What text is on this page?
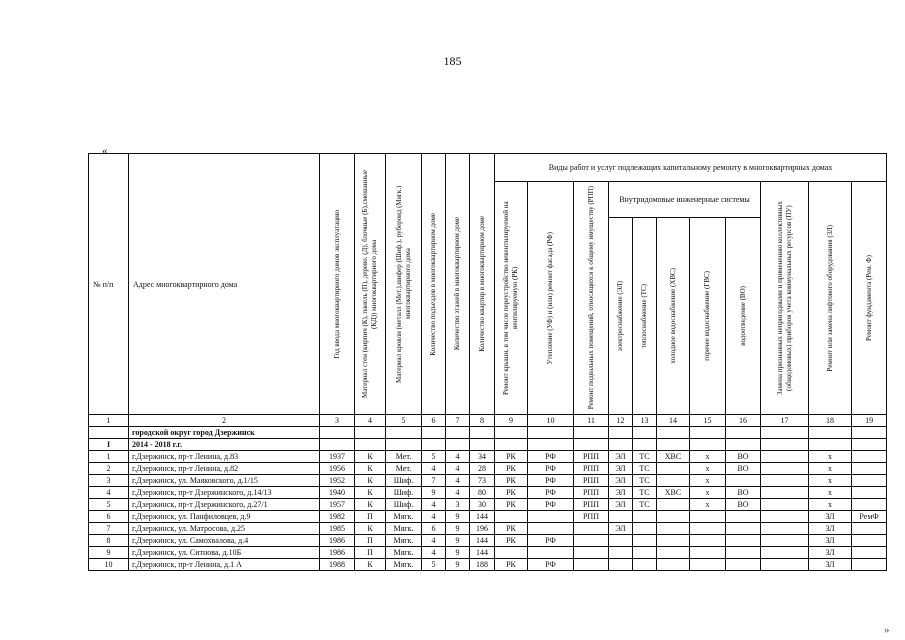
185
«
№ п/п	Адрес многоквартирного дома	Год ввода многоквартирного домов эксплуатацию	Материал стен (кирпич (К), панель (П), дерево. (Д), блочные (Б),смешанные (КД)) многоквартирного дома	Материал кровли (металл (Мет.),шифер (Шиф.), рубероид (Мягк.) многоквартирного дома	Количество подъездов в многоквартирном доме	Количество этажей в многоквартирном доме	Количество квартир в многоквартирном доме	Виды работ и услуг подлежащих капитальному ремонту в многоквартирных домах										

								Ремонт крыши, в том числе переустройство невентилируемой на вентилируемую (РК)	Утепление (УФ) и (или) ремонт фасада (РФ)	Ремонт подвальных помещений, относящихся к общему имуществу (РПП)	Внутридомовые инженерные системы					Замена признанных непригодными и применению коллективных (общедомовых) приборов учета коммунальных ресурсов (ПУ)	Ремонт или замена лифтового оборудования (ЗЛ)	Ремонт фундамента (Рем. Ф)

											электроснабжение (ЭЛ)	теплоснабжение (ТС)	холодное водоснабжение (ХВС)	горячее водоснабжение (ГВС)	водоотведение (ВО)			

1	2	3	4	5	6	7	8	9	10	11	12	13	14	15	16	17	18	19
	городской округ город Дзержинск																	
I	2014 - 2018 г.г.																	
1	г.Дзержинск, пр-т Ленина, д.83	1937	К	Мет.	5	4	34	РК	РФ	РПП	ЭЛ	ТС	ХВС	х	ВО		х	
2	г.Дзержинск, пр-т Ленина, д.82	1956	К	Мет.	4	4	28	РК	РФ	РПП	ЭЛ	ТС		х	ВО		х	
3	г.Дзержинск, ул. Маяковского, д.1/15	1952	К	Шиф.	7	4	73	РК	РФ	РПП	ЭЛ	ТС		х			х	
4	г.Дзержинск, пр-т Дзержинского, д.14/13	1940	К	Шиф.	9	4	80	РК	РФ	РПП	ЭЛ	ТС	ХВС	х	ВО		х	
5	г.Дзержинск, пр-т Дзержинского, д.27/1	1957	К	Шиф.	4	3	30	РК	РФ	РПП	ЭЛ	ТС		х	ВО		х	
6	г.Дзержинск, ул. Панфиловцев, д.9	1982	П	Мягк.	4	9	144			РПП							ЗЛ	РемФ
7	г.Дзержинск, ул. Матросова, д.25	1985	К	Мягк.	6	9	196	РК			ЭЛ						ЗЛ	
8	г.Дзержинск, ул. Самохвалова, д.4	1986	П	Мягк.	4	9	144	РК	РФ								ЗЛ	
9	г.Дзержинск, ул. Ситнова, д.10Б	1986	П	Мягк.	4	9	144										ЗЛ	
10	г.Дзержинск, пр-т Ленина, д.1 А	1988	К	Мягк.	5	9	188	РК	РФ								ЗЛ	
»
